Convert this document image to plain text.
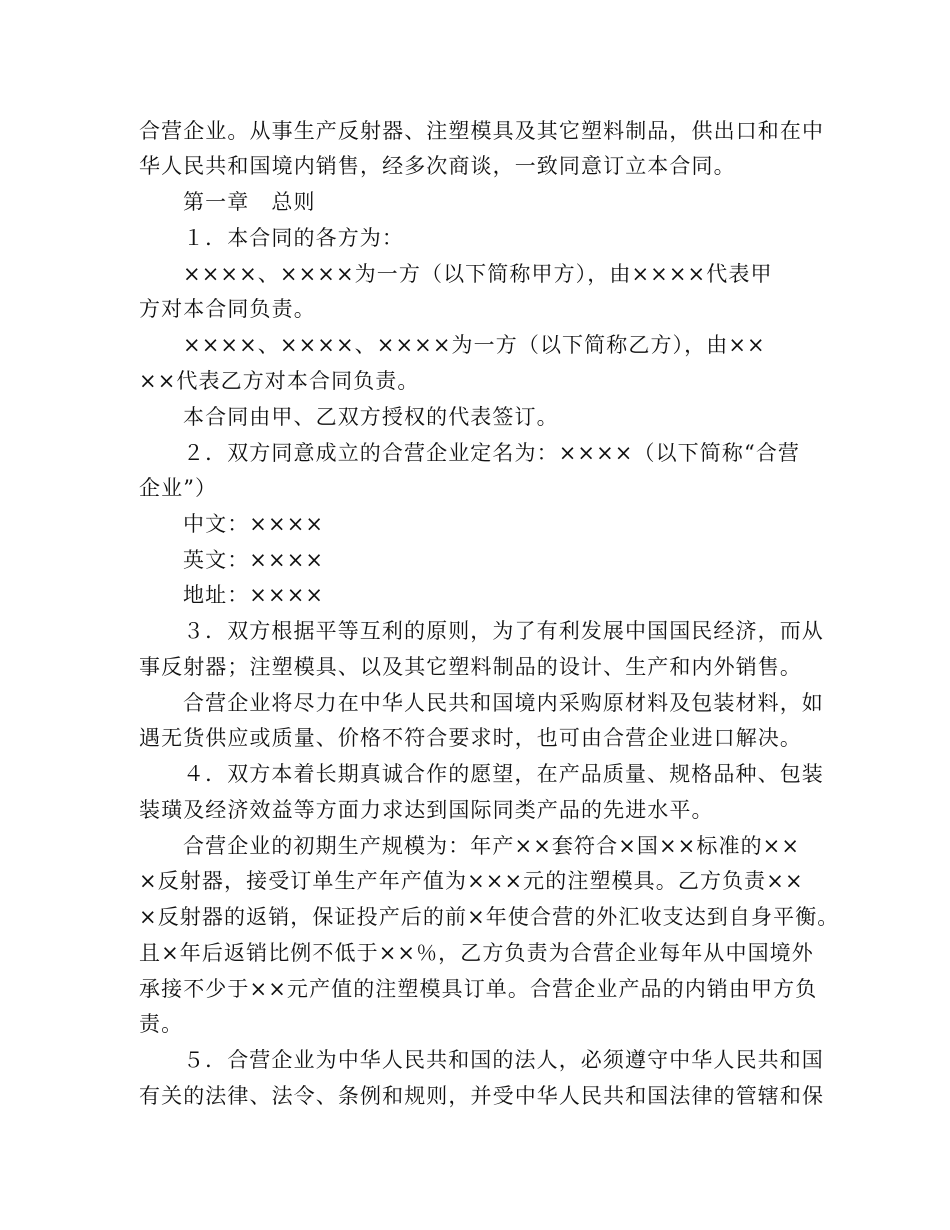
合营企业。从事生产反射器、注塑模具及其它塑料制品，供出口和在中
华人民共和国境内销售，经多次商谈，一致同意订立本合同。
第一章　总则
１．本合同的各方为：
××××、××××为一方（以下简称甲方），由××××代表甲
方对本合同负责。
××××、××××、××××为一方（以下简称乙方），由××
××代表乙方对本合同负责。
本合同由甲、乙双方授权的代表签订。
２．双方同意成立的合营企业定名为：××××（以下简称“合营
企业”）
中文：××××
英文：××××
地址：××××
３．双方根据平等互利的原则，为了有利发展中国国民经济，而从
事反射器；注塑模具、以及其它塑料制品的设计、生产和内外销售。
合营企业将尽力在中华人民共和国境内采购原材料及包装材料，如
遇无货供应或质量、价格不符合要求时，也可由合营企业进口解决。
４．双方本着长期真诚合作的愿望，在产品质量、规格品种、包装
装璜及经济效益等方面力求达到国际同类产品的先进水平。
合营企业的初期生产规模为：年产××套符合×国××标准的××
×反射器，接受订单生产年产值为×××元的注塑模具。乙方负责××
×反射器的返销，保证投产后的前×年使合营的外汇收支达到自身平衡。
且×年后返销比例不低于××％，乙方负责为合营企业每年从中国境外
承接不少于××元产值的注塑模具订单。合营企业产品的内销由甲方负
责。
５．合营企业为中华人民共和国的法人，必须遵守中华人民共和国
有关的法律、法令、条例和规则，并受中华人民共和国法律的管辖和保
